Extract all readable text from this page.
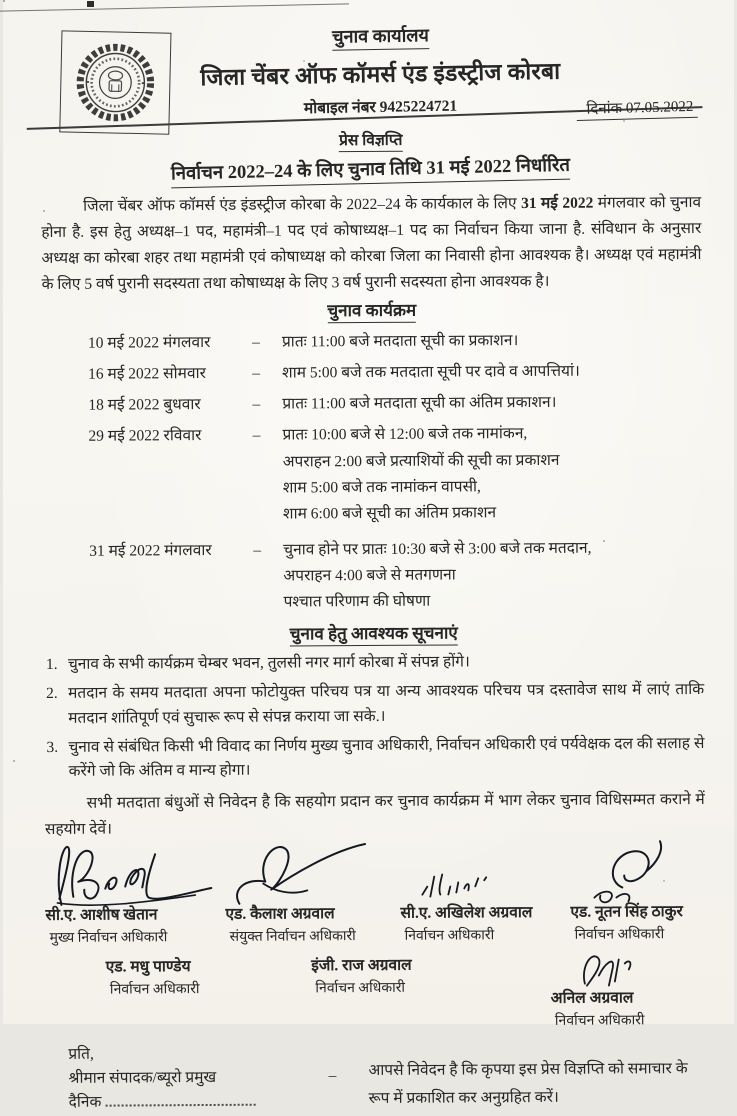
चुनाव कार्यालय
जिला चेंबर ऑफ कॉमर्स एंड इंडस्ट्रीज कोरबा
मोबाइल नंबर 9425224721	दिनांक 07.05.2022
प्रेस विज्ञप्ति
निर्वाचन 2022–24 के लिए चुनाव तिथि 31 मई 2022 निर्धारित

जिला चेंबर ऑफ कॉमर्स एंड इंडस्ट्रीज कोरबा के 2022–24 के कार्यकाल के लिए 31 मई 2022 मंगलवार को चुनाव होना है. इस हेतु अध्यक्ष–1 पद, महामंत्री–1 पद एवं कोषाध्यक्ष–1 पद का निर्वाचन किया जाना है. संविधान के अनुसार अध्यक्ष का कोरबा शहर तथा महामंत्री एवं कोषाध्यक्ष को कोरबा जिला का निवासी होना आवश्यक है। अध्यक्ष एवं महामंत्री के लिए 5 वर्ष पुरानी सदस्यता तथा कोषाध्यक्ष के लिए 3 वर्ष पुरानी सदस्यता होना आवश्यक है।

चुनाव कार्यक्रम
10 मई 2022 मंगलवार	–	प्रातः 11:00 बजे मतदाता सूची का प्रकाशन।
16 मई 2022 सोमवार	–	शाम 5:00 बजे तक मतदाता सूची पर दावे व आपत्तियां।
18 मई 2022 बुधवार	–	प्रातः 11:00 बजे मतदाता सूची का अंतिम प्रकाशन।
29 मई 2022 रविवार	–	प्रातः 10:00 बजे से 12:00 बजे तक नामांकन,
अपराहन 2:00 बजे प्रत्याशियों की सूची का प्रकाशन
शाम 5:00 बजे तक नामांकन वापसी,
शाम 6:00 बजे सूची का अंतिम प्रकाशन
31 मई 2022 मंगलवार	–	चुनाव होने पर प्रातः 10:30 बजे से 3:00 बजे तक मतदान,
अपराहन 4:00 बजे से मतगणना
पश्चात परिणाम की घोषणा
चुनाव हेतु आवश्यक सूचनाएं
1. चुनाव के सभी कार्यक्रम चेम्बर भवन, तुलसी नगर मार्ग कोरबा में संपन्न होंगे।
2. मतदान के समय मतदाता अपना फोटोयुक्त परिचय पत्र या अन्य आवश्यक परिचय पत्र दस्तावेज साथ में लाएं ताकि मतदान शांतिपूर्ण एवं सुचारू रूप से संपन्न कराया जा सके.।
3. चुनाव से संबंधित किसी भी विवाद का निर्णय मुख्य चुनाव अधिकारी, निर्वाचन अधिकारी एवं पर्यवेक्षक दल की सलाह से करेंगे जो कि अंतिम व मान्य होगा।

सभी मतदाता बंधुओं से निवेदन है कि सहयोग प्रदान कर चुनाव कार्यक्रम में भाग लेकर चुनाव विधिसम्मत कराने में सहयोग देवें।

सी.ए. आशीष खेतान
मुख्य निर्वाचन अधिकारी
एड. कैलाश अग्रवाल
संयुक्त निर्वाचन अधिकारी
सी.ए. अखिलेश अग्रवाल
निर्वाचन अधिकारी
एड. नूतन सिंह ठाकुर
निर्वाचन अधिकारी
एड. मधु पाण्डेय
निर्वाचन अधिकारी
इंजी. राज अग्रवाल
निर्वाचन अधिकारी
अनिल अग्रवाल
निर्वाचन अधिकारी
प्रति,
श्रीमान संपादक/ब्यूरो प्रमुख
दैनिक
–	आपसे निवेदन है कि कृपया इस प्रेस विज्ञप्ति को समाचार के रूप में प्रकाशित कर अनुग्रहित करें।
